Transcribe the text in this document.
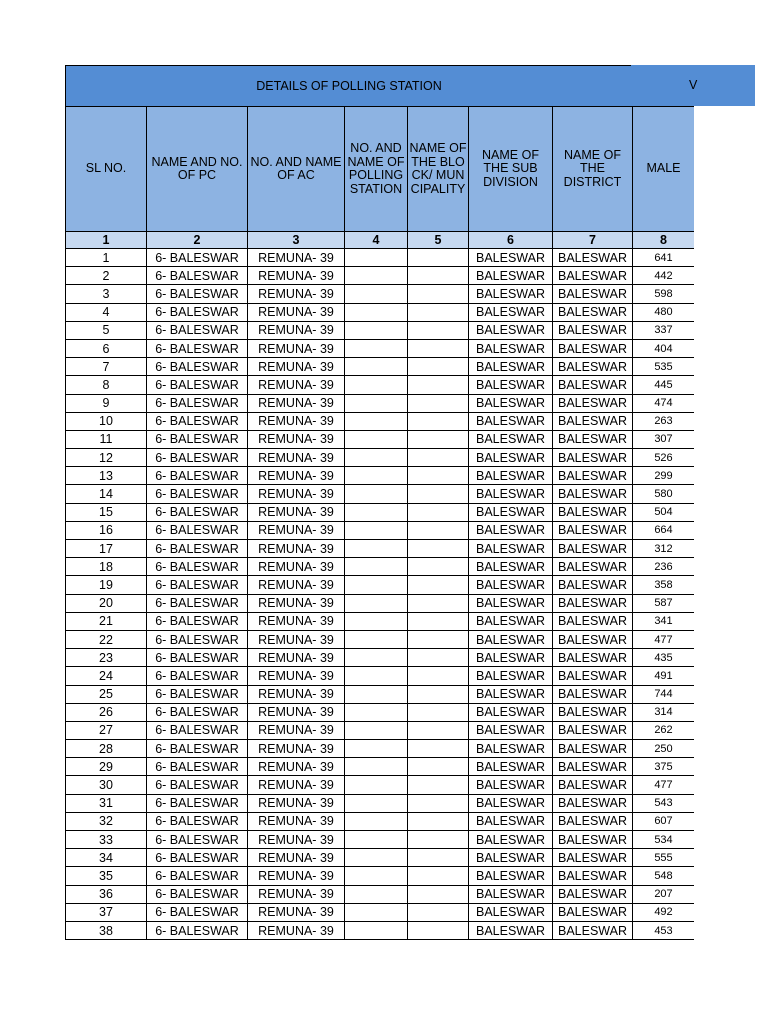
DETAILS OF POLLING STATION							
SL NO.	NAME AND NO. OF PC	NO. AND NAME OF AC	NO. AND NAME OF POLLING STATION	NAME OF THE BLOCK/ MUNCIPALITY	NAME OF THE SUB DIVISION	NAME OF THE DISTRICT	MALE
1	2	3	4	5	6	7	8
1	6- BALESWAR	REMUNA- 39			BALESWAR	BALESWAR	641
2	6- BALESWAR	REMUNA- 39			BALESWAR	BALESWAR	442
3	6- BALESWAR	REMUNA- 39			BALESWAR	BALESWAR	598
4	6- BALESWAR	REMUNA- 39			BALESWAR	BALESWAR	480
5	6- BALESWAR	REMUNA- 39			BALESWAR	BALESWAR	337
6	6- BALESWAR	REMUNA- 39			BALESWAR	BALESWAR	404
7	6- BALESWAR	REMUNA- 39			BALESWAR	BALESWAR	535
8	6- BALESWAR	REMUNA- 39			BALESWAR	BALESWAR	445
9	6- BALESWAR	REMUNA- 39			BALESWAR	BALESWAR	474
10	6- BALESWAR	REMUNA- 39			BALESWAR	BALESWAR	263
11	6- BALESWAR	REMUNA- 39			BALESWAR	BALESWAR	307
12	6- BALESWAR	REMUNA- 39			BALESWAR	BALESWAR	526
13	6- BALESWAR	REMUNA- 39			BALESWAR	BALESWAR	299
14	6- BALESWAR	REMUNA- 39			BALESWAR	BALESWAR	580
15	6- BALESWAR	REMUNA- 39			BALESWAR	BALESWAR	504
16	6- BALESWAR	REMUNA- 39			BALESWAR	BALESWAR	664
17	6- BALESWAR	REMUNA- 39			BALESWAR	BALESWAR	312
18	6- BALESWAR	REMUNA- 39			BALESWAR	BALESWAR	236
19	6- BALESWAR	REMUNA- 39			BALESWAR	BALESWAR	358
20	6- BALESWAR	REMUNA- 39			BALESWAR	BALESWAR	587
21	6- BALESWAR	REMUNA- 39			BALESWAR	BALESWAR	341
22	6- BALESWAR	REMUNA- 39			BALESWAR	BALESWAR	477
23	6- BALESWAR	REMUNA- 39			BALESWAR	BALESWAR	435
24	6- BALESWAR	REMUNA- 39			BALESWAR	BALESWAR	491
25	6- BALESWAR	REMUNA- 39			BALESWAR	BALESWAR	744
26	6- BALESWAR	REMUNA- 39			BALESWAR	BALESWAR	314
27	6- BALESWAR	REMUNA- 39			BALESWAR	BALESWAR	262
28	6- BALESWAR	REMUNA- 39			BALESWAR	BALESWAR	250
29	6- BALESWAR	REMUNA- 39			BALESWAR	BALESWAR	375
30	6- BALESWAR	REMUNA- 39			BALESWAR	BALESWAR	477
31	6- BALESWAR	REMUNA- 39			BALESWAR	BALESWAR	543
32	6- BALESWAR	REMUNA- 39			BALESWAR	BALESWAR	607
33	6- BALESWAR	REMUNA- 39			BALESWAR	BALESWAR	534
34	6- BALESWAR	REMUNA- 39			BALESWAR	BALESWAR	555
35	6- BALESWAR	REMUNA- 39			BALESWAR	BALESWAR	548
36	6- BALESWAR	REMUNA- 39			BALESWAR	BALESWAR	207
37	6- BALESWAR	REMUNA- 39			BALESWAR	BALESWAR	492
38	6- BALESWAR	REMUNA- 39			BALESWAR	BALESWAR	453
V
